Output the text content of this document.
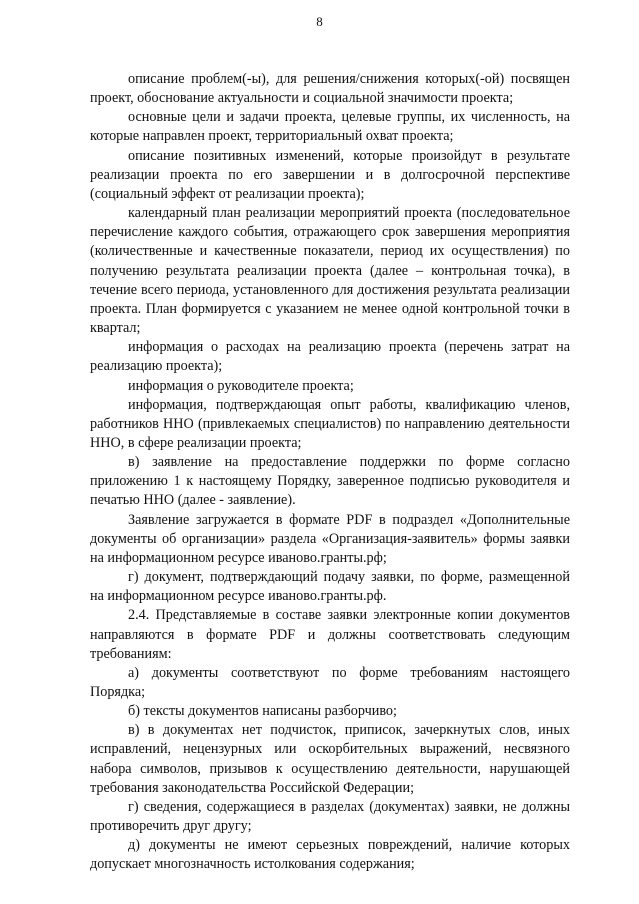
8

описание проблем(-ы), для решения/снижения которых(-ой) посвящен проект, обоснование актуальности и социальной значимости проекта;

основные цели и задачи проекта, целевые группы, их численность, на которые направлен проект, территориальный охват проекта;

описание позитивных изменений, которые произойдут в результате реализации проекта по его завершении и в долгосрочной перспективе (социальный эффект от реализации проекта);

календарный план реализации мероприятий проекта (последовательное перечисление каждого события, отражающего срок завершения мероприятия (количественные и качественные показатели, период их осуществления) по получению результата реализации проекта (далее – контрольная точка), в течение всего периода, установленного для достижения результата реализации проекта. План формируется с указанием не менее одной контрольной точки в квартал;

информация о расходах на реализацию проекта (перечень затрат на реализацию проекта);

информация о руководителе проекта;

информация, подтверждающая опыт работы, квалификацию членов, работников ННО (привлекаемых специалистов) по направлению деятельности ННО, в сфере реализации проекта;

в) заявление на предоставление поддержки по форме согласно приложению 1 к настоящему Порядку, заверенное подписью руководителя и печатью ННО (далее - заявление).

Заявление загружается в формате PDF в подраздел «Дополнительные документы об организации» раздела «Организация-заявитель» формы заявки на информационном ресурсе иваново.гранты.рф;

г) документ, подтверждающий подачу заявки, по форме, размещенной на информационном ресурсе иваново.гранты.рф.

2.4. Представляемые в составе заявки электронные копии документов направляются в формате PDF и должны соответствовать следующим требованиям:

а) документы соответствуют по форме требованиям настоящего Порядка;

б) тексты документов написаны разборчиво;

в) в документах нет подчисток, приписок, зачеркнутых слов, иных исправлений, нецензурных или оскорбительных выражений, несвязного набора символов, призывов к осуществлению деятельности, нарушающей требования законодательства Российской Федерации;

г) сведения, содержащиеся в разделах (документах) заявки, не должны противоречить друг другу;

д) документы не имеют серьезных повреждений, наличие которых допускает многозначность истолкования содержания;
